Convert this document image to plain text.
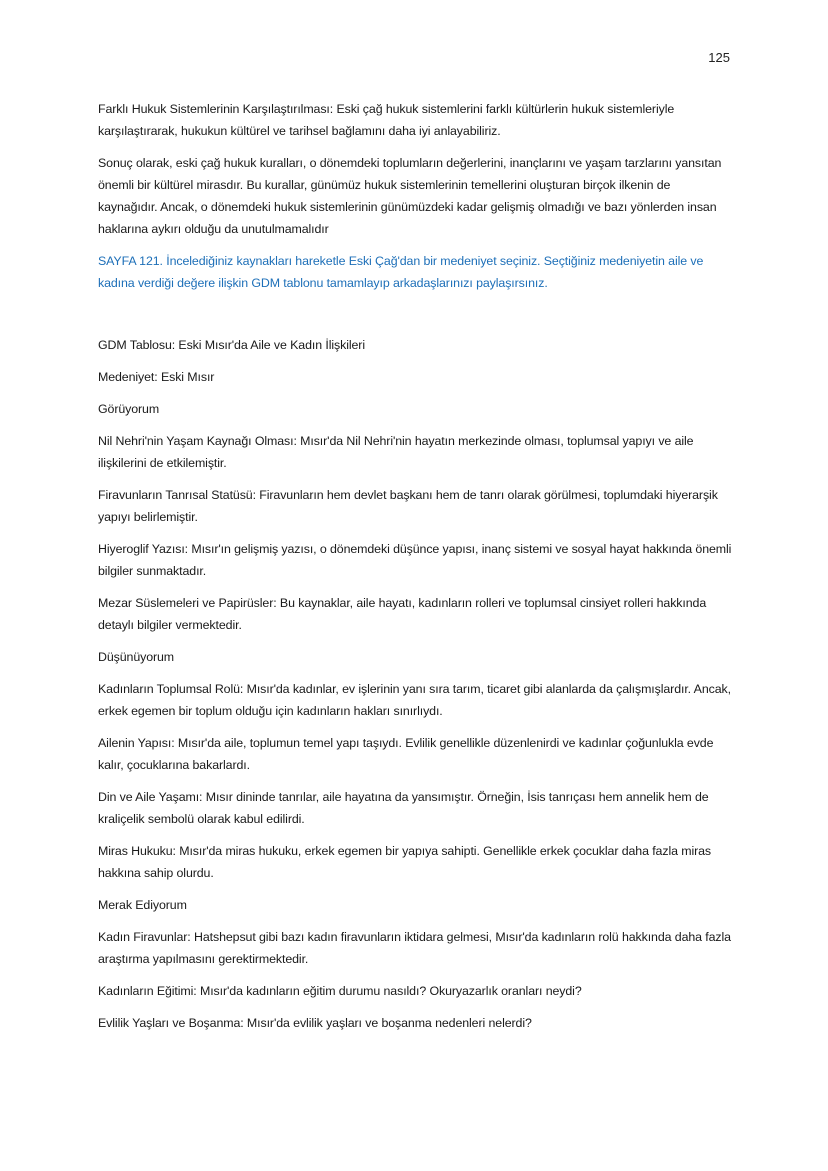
125

Farklı Hukuk Sistemlerinin Karşılaştırılması: Eski çağ hukuk sistemlerini farklı kültürlerin hukuk sistemleriyle karşılaştırarak, hukukun kültürel ve tarihsel bağlamını daha iyi anlayabiliriz.

Sonuç olarak, eski çağ hukuk kuralları, o dönemdeki toplumların değerlerini, inançlarını ve yaşam tarzlarını yansıtan önemli bir kültürel mirasdır. Bu kurallar, günümüz hukuk sistemlerinin temellerini oluşturan birçok ilkenin de kaynağıdır. Ancak, o dönemdeki hukuk sistemlerinin günümüzdeki kadar gelişmiş olmadığı ve bazı yönlerden insan haklarına aykırı olduğu da unutulmamalıdır

SAYFA 121. İncelediğiniz kaynakları hareketle Eski Çağ'dan bir medeniyet seçiniz. Seçtiğiniz medeniyetin aile ve kadına verdiği değere ilişkin GDM tablonu tamamlayıp arkadaşlarınızı paylaşırsınız.

GDM Tablosu: Eski Mısır'da Aile ve Kadın İlişkileri

Medeniyet: Eski Mısır

Görüyorum

Nil Nehri'nin Yaşam Kaynağı Olması: Mısır'da Nil Nehri'nin hayatın merkezinde olması, toplumsal yapıyı ve aile ilişkilerini de etkilemiştir.

Firavunların Tanrısal Statüsü: Firavunların hem devlet başkanı hem de tanrı olarak görülmesi, toplumdaki hiyerarşik yapıyı belirlemiştir.

Hiyeroglif Yazısı: Mısır'ın gelişmiş yazısı, o dönemdeki düşünce yapısı, inanç sistemi ve sosyal hayat hakkında önemli bilgiler sunmaktadır.

Mezar Süslemeleri ve Papirüsler: Bu kaynaklar, aile hayatı, kadınların rolleri ve toplumsal cinsiyet rolleri hakkında detaylı bilgiler vermektedir.

Düşünüyorum

Kadınların Toplumsal Rolü: Mısır'da kadınlar, ev işlerinin yanı sıra tarım, ticaret gibi alanlarda da çalışmışlardır. Ancak, erkek egemen bir toplum olduğu için kadınların hakları sınırlıydı.

Ailenin Yapısı: Mısır'da aile, toplumun temel yapı taşıydı. Evlilik genellikle düzenlenirdi ve kadınlar çoğunlukla evde kalır, çocuklarına bakarlardı.

Din ve Aile Yaşamı: Mısır dininde tanrılar, aile hayatına da yansımıştır. Örneğin, İsis tanrıçası hem annelik hem de kraliçelik sembolü olarak kabul edilirdi.

Miras Hukuku: Mısır'da miras hukuku, erkek egemen bir yapıya sahipti. Genellikle erkek çocuklar daha fazla miras hakkına sahip olurdu.

Merak Ediyorum

Kadın Firavunlar: Hatshepsut gibi bazı kadın firavunların iktidara gelmesi, Mısır'da kadınların rolü hakkında daha fazla araştırma yapılmasını gerektirmektedir.

Kadınların Eğitimi: Mısır'da kadınların eğitim durumu nasıldı? Okuryazarlık oranları neydi?

Evlilik Yaşları ve Boşanma: Mısır'da evlilik yaşları ve boşanma nedenleri nelerdi?
